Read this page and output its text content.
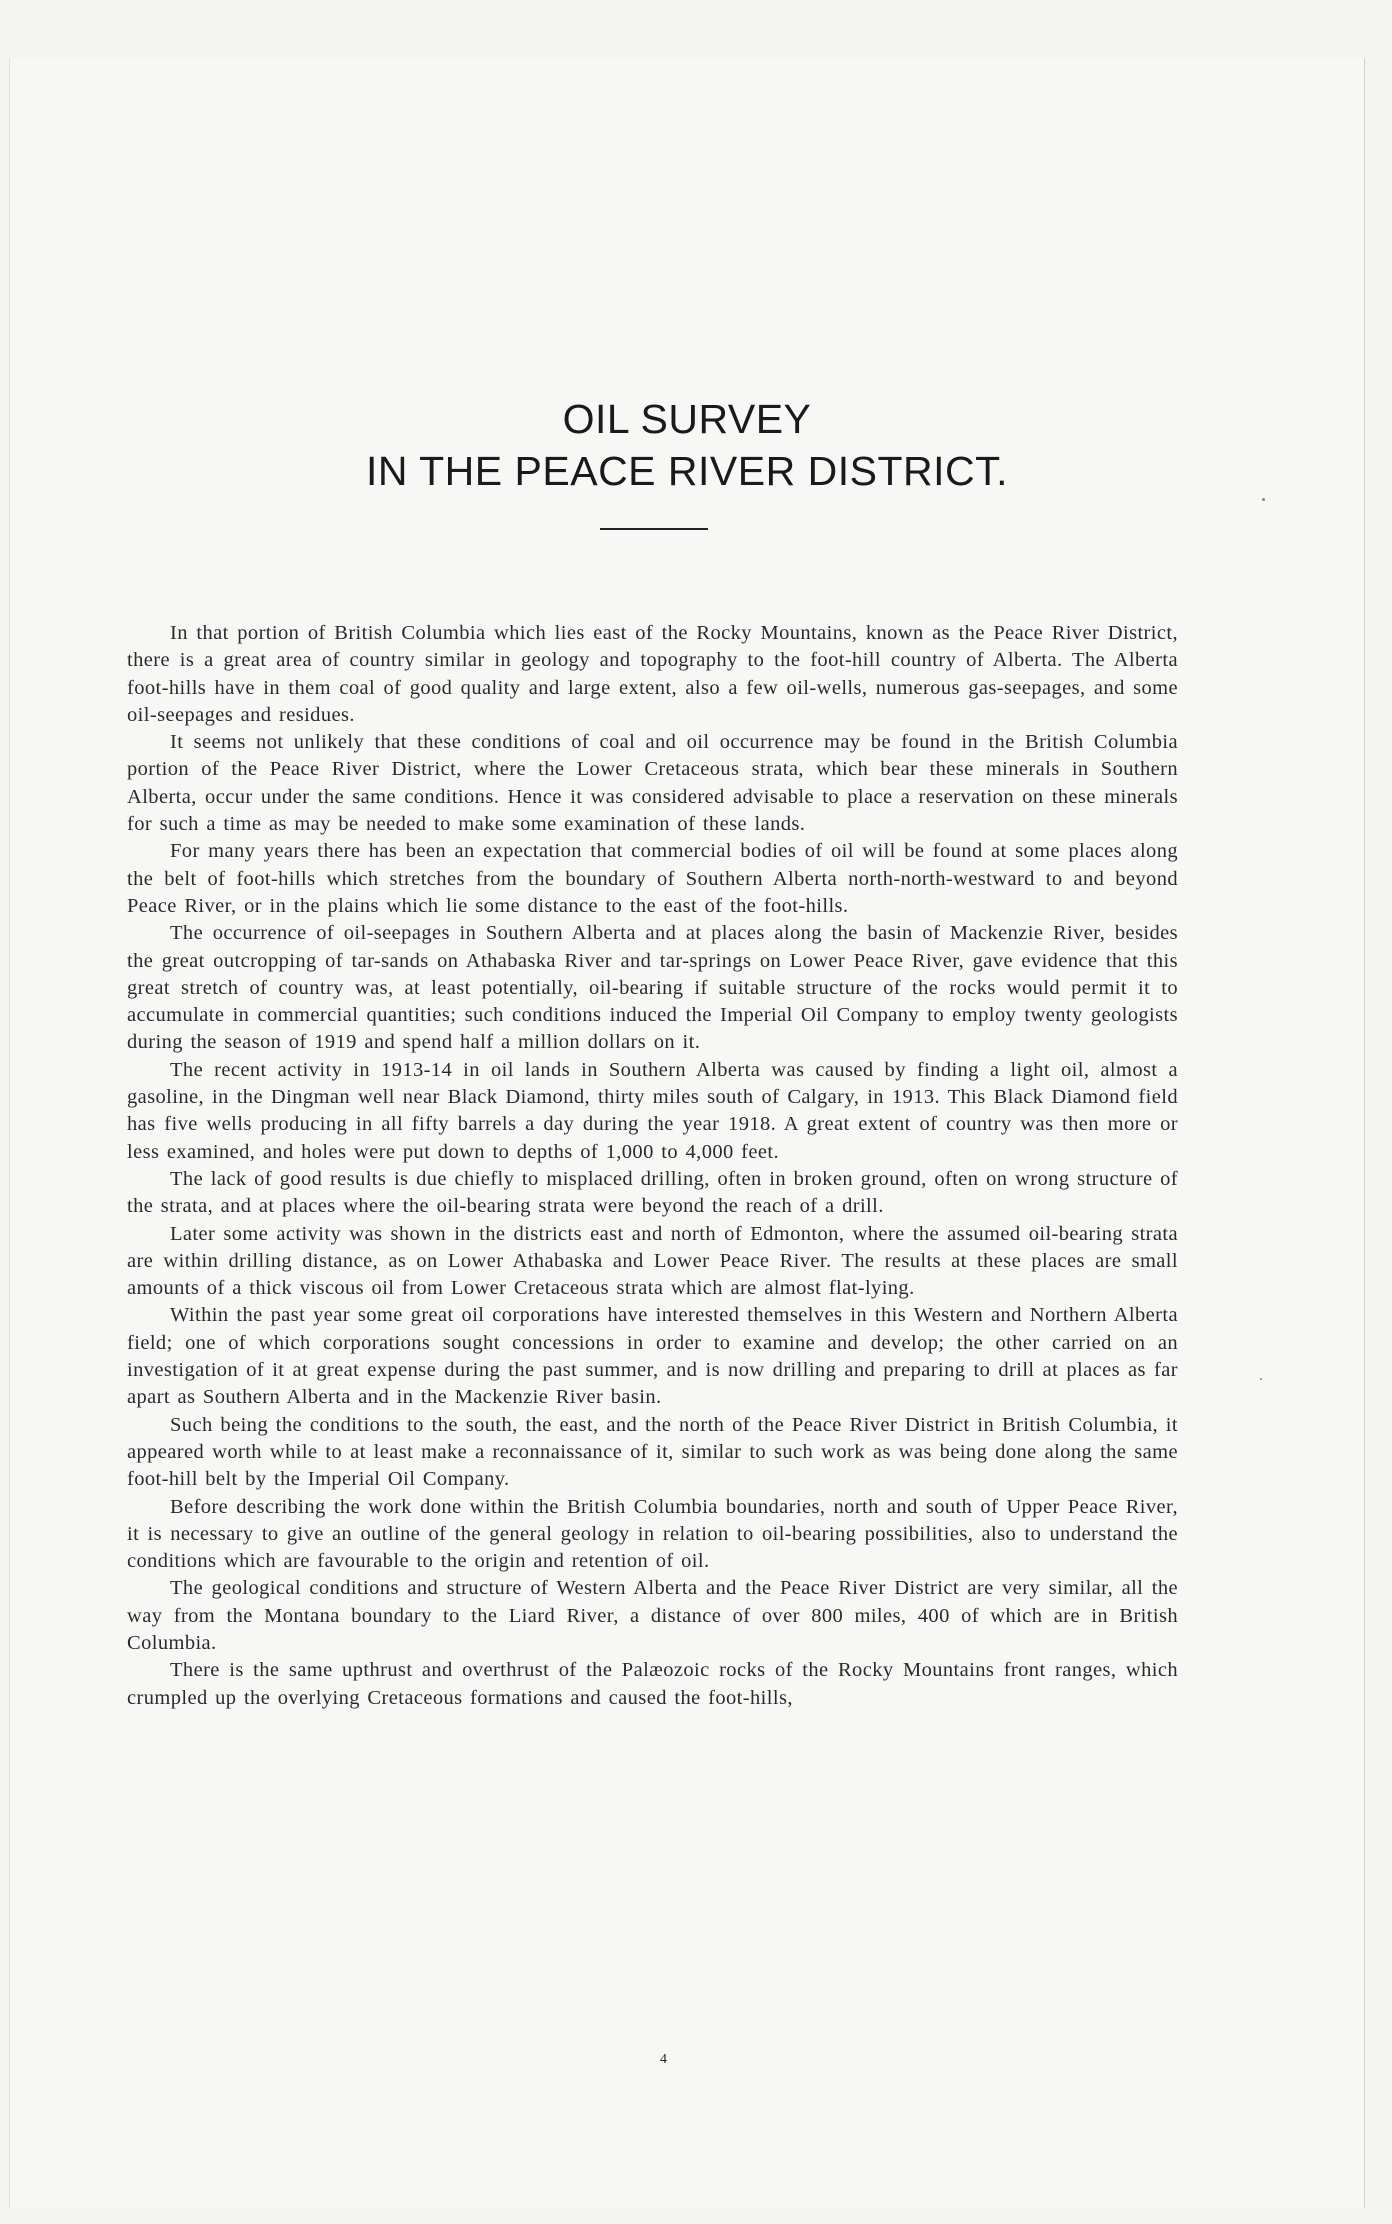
OIL SURVEY
IN THE PEACE RIVER DISTRICT.

In that portion of British Columbia which lies east of the Rocky Mountains, known as the Peace River District, there is a great area of country similar in geology and topography to the foot-hill country of Alberta. The Alberta foot-hills have in them coal of good quality and large extent, also a few oil-wells, numerous gas-seepages, and some oil-seepages and residues.

It seems not unlikely that these conditions of coal and oil occurrence may be found in the British Columbia portion of the Peace River District, where the Lower Cretaceous strata, which bear these minerals in Southern Alberta, occur under the same conditions. Hence it was considered advisable to place a reservation on these minerals for such a time as may be needed to make some examination of these lands.

For many years there has been an expectation that commercial bodies of oil will be found at some places along the belt of foot-hills which stretches from the boundary of Southern Alberta north-north-westward to and beyond Peace River, or in the plains which lie some distance to the east of the foot-hills.

The occurrence of oil-seepages in Southern Alberta and at places along the basin of Mackenzie River, besides the great outcropping of tar-sands on Athabaska River and tar-springs on Lower Peace River, gave evidence that this great stretch of country was, at least potentially, oil-bearing if suitable structure of the rocks would permit it to accumulate in commercial quantities; such conditions induced the Imperial Oil Company to employ twenty geologists during the season of 1919 and spend half a million dollars on it.

The recent activity in 1913-14 in oil lands in Southern Alberta was caused by finding a light oil, almost a gasoline, in the Dingman well near Black Diamond, thirty miles south of Calgary, in 1913. This Black Diamond field has five wells producing in all fifty barrels a day during the year 1918. A great extent of country was then more or less examined, and holes were put down to depths of 1,000 to 4,000 feet.

The lack of good results is due chiefly to misplaced drilling, often in broken ground, often on wrong structure of the strata, and at places where the oil-bearing strata were beyond the reach of a drill.

Later some activity was shown in the districts east and north of Edmonton, where the assumed oil-bearing strata are within drilling distance, as on Lower Athabaska and Lower Peace River. The results at these places are small amounts of a thick viscous oil from Lower Cretaceous strata which are almost flat-lying.

Within the past year some great oil corporations have interested themselves in this Western and Northern Alberta field; one of which corporations sought concessions in order to examine and develop; the other carried on an investigation of it at great expense during the past summer, and is now drilling and preparing to drill at places as far apart as Southern Alberta and in the Mackenzie River basin.

Such being the conditions to the south, the east, and the north of the Peace River District in British Columbia, it appeared worth while to at least make a reconnaissance of it, similar to such work as was being done along the same foot-hill belt by the Imperial Oil Company.

Before describing the work done within the British Columbia boundaries, north and south of Upper Peace River, it is necessary to give an outline of the general geology in relation to oil-bearing possibilities, also to understand the conditions which are favourable to the origin and retention of oil.

The geological conditions and structure of Western Alberta and the Peace River District are very similar, all the way from the Montana boundary to the Liard River, a distance of over 800 miles, 400 of which are in British Columbia.

There is the same upthrust and overthrust of the Palæozoic rocks of the Rocky Mountains front ranges, which crumpled up the overlying Cretaceous formations and caused the foot-hills,

4
